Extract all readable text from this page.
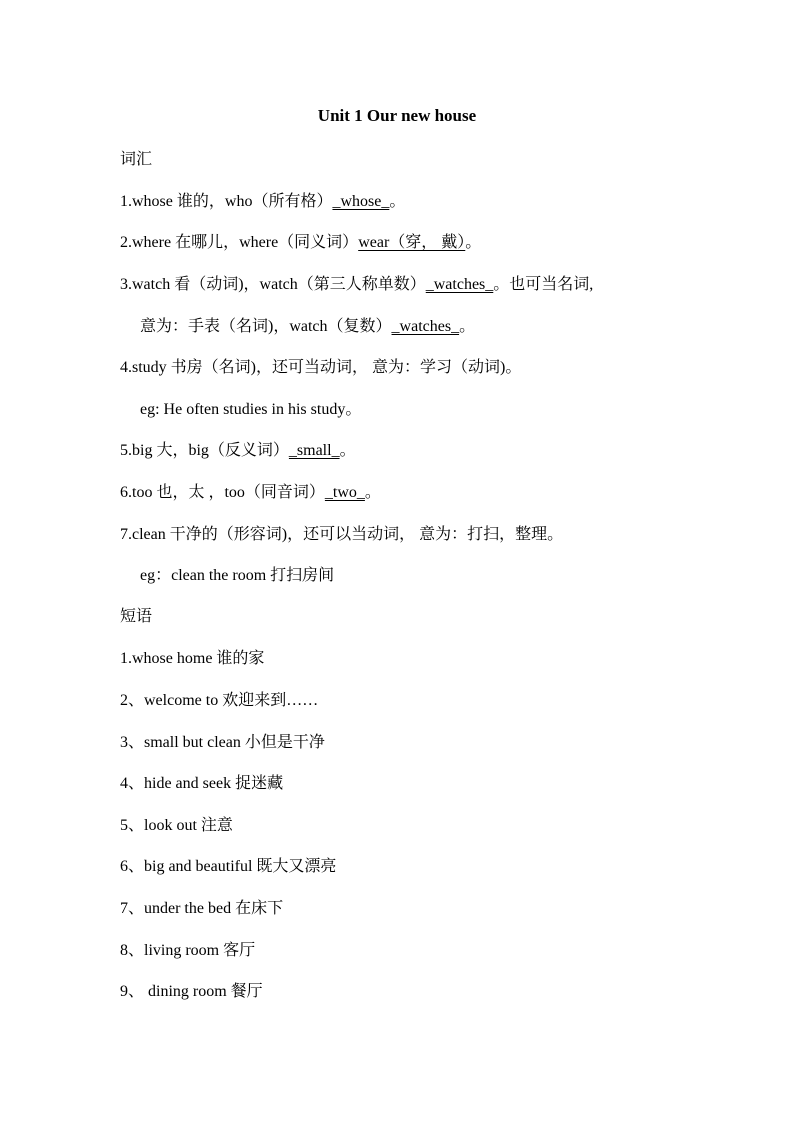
Unit 1 Our new house
词汇
1.whose 谁的，who（所有格）_whose_。
2.where 在哪儿，where（同义词）wear（穿， 戴）。
3.watch 看（动词)，watch（第三人称单数）_watches_。也可当名词,
意为：手表（名词)，watch（复数）_watches_。
4.study 书房（名词)，还可当动词， 意为：学习（动词)。
eg: He often studies in his study。
5.big 大，big（反义词）_small_。
6.too 也，太 ，too（同音词）_two_。
7.clean 干净的（形容词)，还可以当动词， 意为：打扫，整理。
eg：clean the room 打扫房间
短语
1.whose home 谁的家
2、welcome to 欢迎来到……
3、small but clean 小但是干净
4、hide and seek 捉迷藏
5、look out 注意
6、big and beautiful 既大又漂亮
7、under the bed 在床下
8、living room 客厅
9、 dining room 餐厅
